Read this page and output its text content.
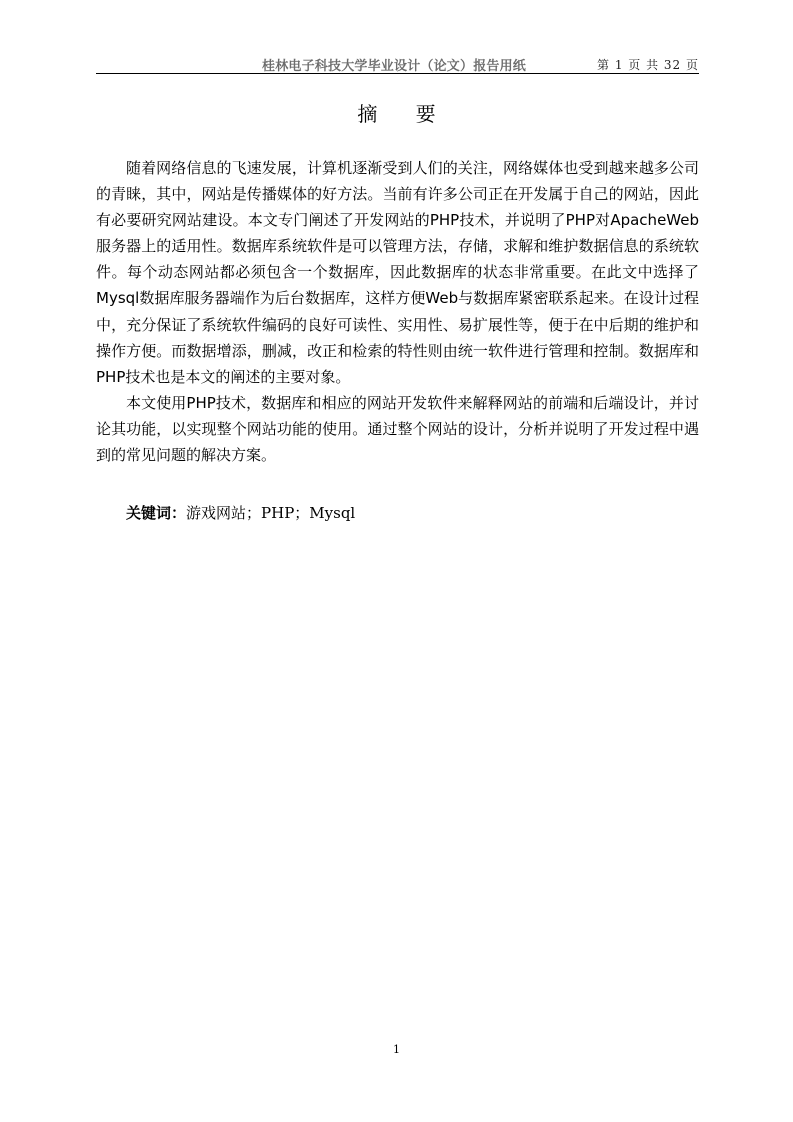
桂林电子科技大学毕业设计（论文）报告用纸	第 1 页 共 32 页
摘 要

随着网络信息的飞速发展，计算机逐渐受到人们的关注，网络媒体也受到越来越多公司的青睐，其中，网站是传播媒体的好方法。当前有许多公司正在开发属于自己的网站，因此有必要研究网站建设。本文专门阐述了开发网站的PHP技术，并说明了PHP对ApacheWeb服务器上的适用性。数据库系统软件是可以管理方法，存储，求解和维护数据信息的系统软件。每个动态网站都必须包含一个数据库，因此数据库的状态非常重要。在此文中选择了Mysql数据库服务器端作为后台数据库，这样方便Web与数据库紧密联系起来。在设计过程中，充分保证了系统软件编码的良好可读性、实用性、易扩展性等，便于在中后期的维护和操作方便。而数据增添，删减，改正和检索的特性则由统一软件进行管理和控制。数据库和PHP技术也是本文的阐述的主要对象。

本文使用PHP技术，数据库和相应的网站开发软件来解释网站的前端和后端设计，并讨论其功能，以实现整个网站功能的使用。通过整个网站的设计，分析并说明了开发过程中遇到的常见问题的解决方案。

关键词：游戏网站；PHP；Mysql
1
